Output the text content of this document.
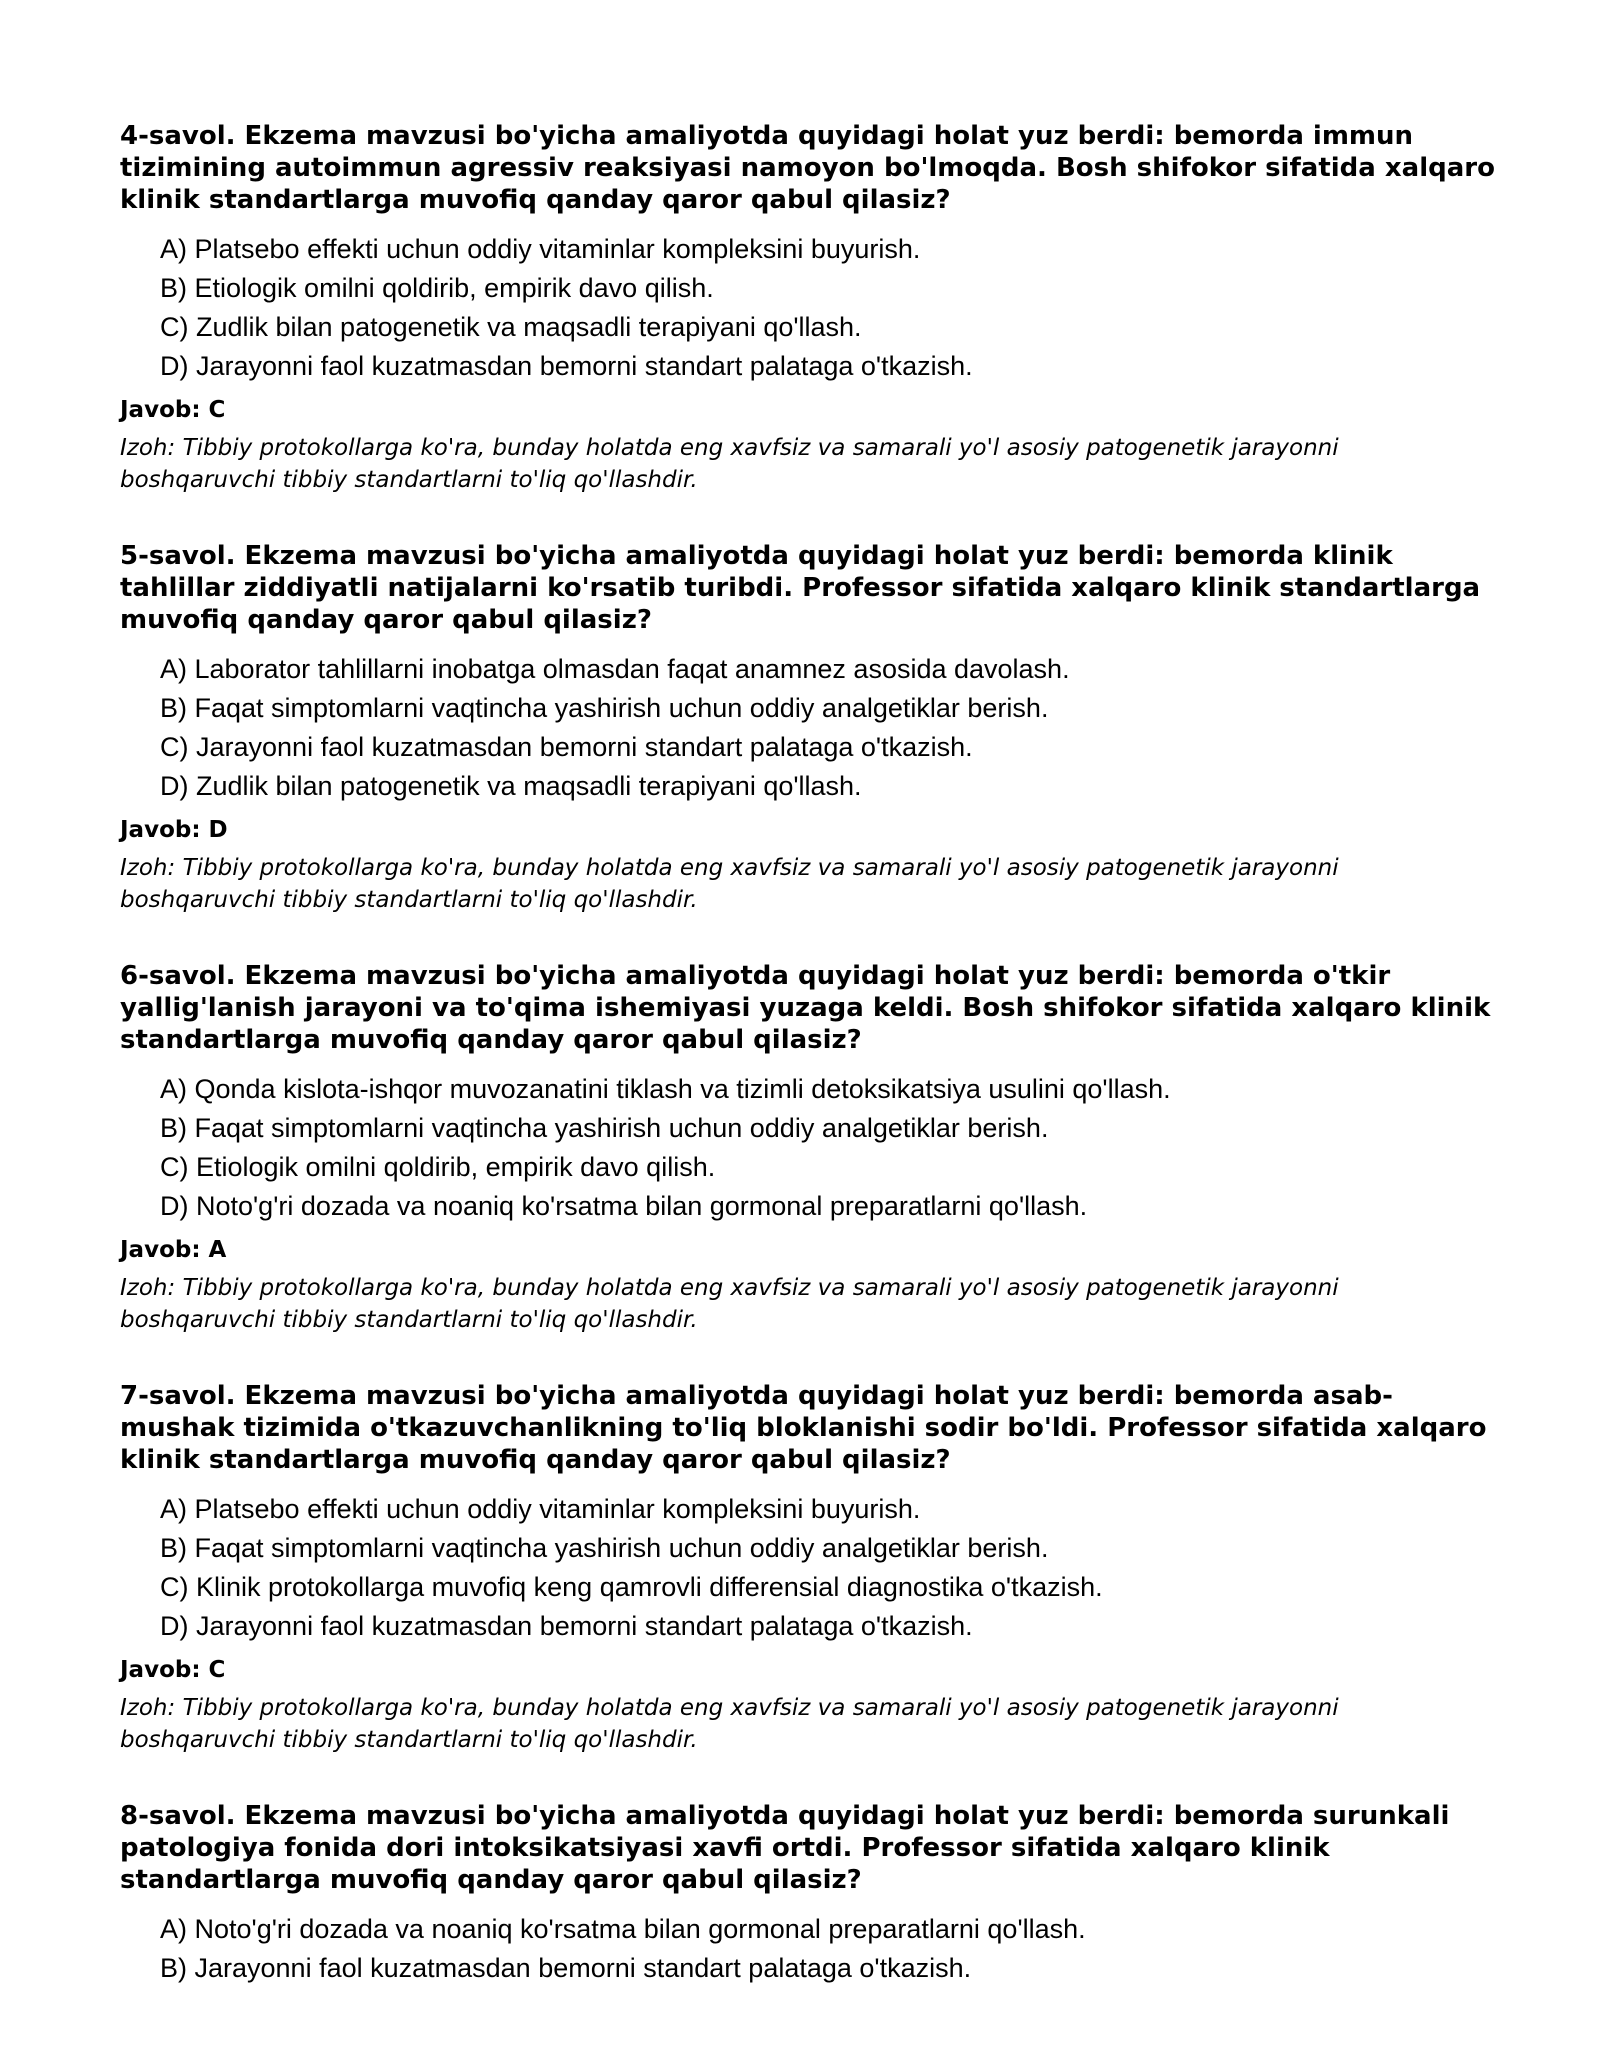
4-savol. Ekzema mavzusi bo'yicha amaliyotda quyidagi holat yuz berdi: bemorda immun tizimining autoimmun agressiv reaksiyasi namoyon bo'lmoqda. Bosh shifokor sifatida xalqaro klinik standartlarga muvofiq qanday qaror qabul qilasiz?

A) Platsebo effekti uchun oddiy vitaminlar kompleksini buyurish.

B) Etiologik omilni qoldirib, empirik davo qilish.

C) Zudlik bilan patogenetik va maqsadli terapiyani qo'llash.

D) Jarayonni faol kuzatmasdan bemorni standart palataga o'tkazish.

Javob: C

Izoh: Tibbiy protokollarga ko'ra, bunday holatda eng xavfsiz va samarali yo'l asosiy patogenetik jarayonni boshqaruvchi tibbiy standartlarni to'liq qo'llashdir.

5-savol. Ekzema mavzusi bo'yicha amaliyotda quyidagi holat yuz berdi: bemorda klinik tahlillar ziddiyatli natijalarni ko'rsatib turibdi. Professor sifatida xalqaro klinik standartlarga muvofiq qanday qaror qabul qilasiz?

A) Laborator tahlillarni inobatga olmasdan faqat anamnez asosida davolash.

B) Faqat simptomlarni vaqtincha yashirish uchun oddiy analgetiklar berish.

C) Jarayonni faol kuzatmasdan bemorni standart palataga o'tkazish.

D) Zudlik bilan patogenetik va maqsadli terapiyani qo'llash.

Javob: D

Izoh: Tibbiy protokollarga ko'ra, bunday holatda eng xavfsiz va samarali yo'l asosiy patogenetik jarayonni boshqaruvchi tibbiy standartlarni to'liq qo'llashdir.

6-savol. Ekzema mavzusi bo'yicha amaliyotda quyidagi holat yuz berdi: bemorda o'tkir yallig'lanish jarayoni va to'qima ishemiyasi yuzaga keldi. Bosh shifokor sifatida xalqaro klinik standartlarga muvofiq qanday qaror qabul qilasiz?

A) Qonda kislota-ishqor muvozanatini tiklash va tizimli detoksikatsiya usulini qo'llash.

B) Faqat simptomlarni vaqtincha yashirish uchun oddiy analgetiklar berish.

C) Etiologik omilni qoldirib, empirik davo qilish.

D) Noto'g'ri dozada va noaniq ko'rsatma bilan gormonal preparatlarni qo'llash.

Javob: A

Izoh: Tibbiy protokollarga ko'ra, bunday holatda eng xavfsiz va samarali yo'l asosiy patogenetik jarayonni boshqaruvchi tibbiy standartlarni to'liq qo'llashdir.

7-savol. Ekzema mavzusi bo'yicha amaliyotda quyidagi holat yuz berdi: bemorda asab-mushak tizimida o'tkazuvchanlikning to'liq bloklanishi sodir bo'ldi. Professor sifatida xalqaro klinik standartlarga muvofiq qanday qaror qabul qilasiz?

A) Platsebo effekti uchun oddiy vitaminlar kompleksini buyurish.

B) Faqat simptomlarni vaqtincha yashirish uchun oddiy analgetiklar berish.

C) Klinik protokollarga muvofiq keng qamrovli differensial diagnostika o'tkazish.

D) Jarayonni faol kuzatmasdan bemorni standart palataga o'tkazish.

Javob: C

Izoh: Tibbiy protokollarga ko'ra, bunday holatda eng xavfsiz va samarali yo'l asosiy patogenetik jarayonni boshqaruvchi tibbiy standartlarni to'liq qo'llashdir.

8-savol. Ekzema mavzusi bo'yicha amaliyotda quyidagi holat yuz berdi: bemorda surunkali patologiya fonida dori intoksikatsiyasi xavfi ortdi. Professor sifatida xalqaro klinik standartlarga muvofiq qanday qaror qabul qilasiz?

A) Noto'g'ri dozada va noaniq ko'rsatma bilan gormonal preparatlarni qo'llash.

B) Jarayonni faol kuzatmasdan bemorni standart palataga o'tkazish.
